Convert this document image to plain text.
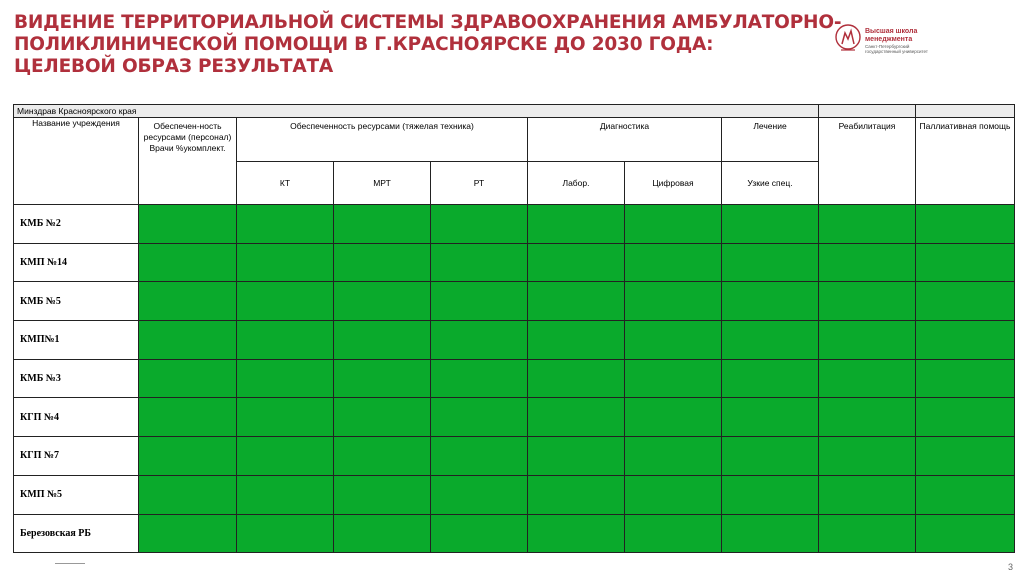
ВИДЕНИЕ ТЕРРИТОРИАЛЬНОЙ СИСТЕМЫ ЗДРАВООХРАНЕНИЯ АМБУЛАТОРНО-
ПОЛИКЛИНИЧЕСКОЙ ПОМОЩИ В Г.КРАСНОЯРСКЕ ДО 2030 ГОДА:
ЦЕЛЕВОЙ ОБРАЗ РЕЗУЛЬТАТА
Высшая школа
менеджмента
Санкт-Петербургский
государственный университет
Минздрав Красноярского края									
Название учреждения	Обеспечен-ность ресурсами (персонал) Врачи %укомплект.	Обеспеченность ресурсами (тяжелая техника)			Диагностика		Лечение	Реабилитация	Паллиативная помощь
		КТ	МРТ	РТ	Лабор.	Цифровая	Узкие спец.		
КМБ №2									
КМП №14									
КМБ №5									
КМП№1									
КМБ №3									
КГП №4									
КГП №7									
КМП №5									
Березовская РБ									
3
